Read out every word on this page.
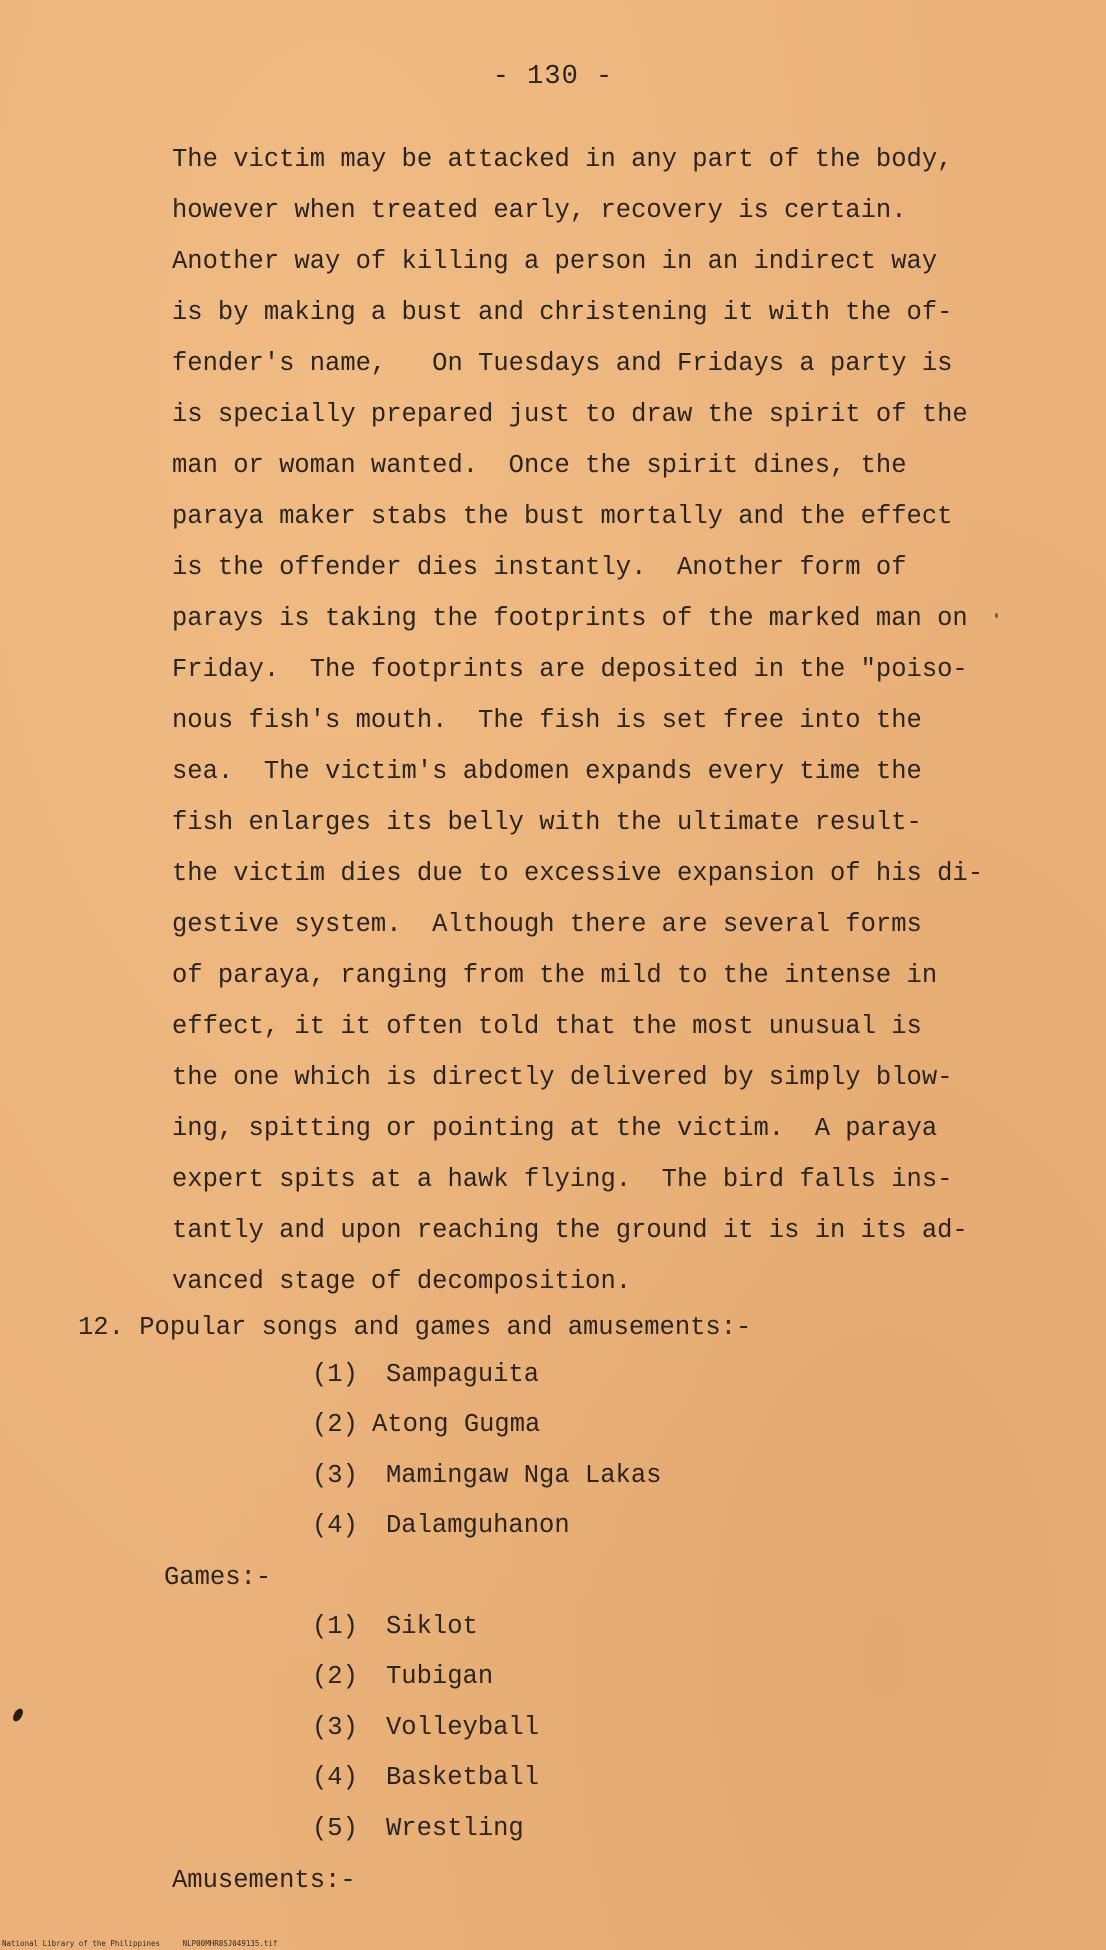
- 130 -
The victim may be attacked in any part of the body,
however when treated early, recovery is certain.
Another way of killing a person in an indirect way
is by making a bust and christening it with the of-
fender's name,   On Tuesdays and Fridays a party is
is specially prepared just to draw the spirit of the
man or woman wanted.  Once the spirit dines, the
paraya maker stabs the bust mortally and the effect
is the offender dies instantly.  Another form of
parays is taking the footprints of the marked man on
Friday.  The footprints are deposited in the "poiso-
nous fish's mouth.  The fish is set free into the
sea.  The victim's abdomen expands every time the
fish enlarges its belly with the ultimate result-
the victim dies due to excessive expansion of his di-
gestive system.  Although there are several forms
of paraya, ranging from the mild to the intense in
effect, it it often told that the most unusual is
the one which is directly delivered by simply blow-
ing, spitting or pointing at the victim.  A paraya
expert spits at a hawk flying.  The bird falls ins-
tantly and upon reaching the ground it is in its ad-
vanced stage of decomposition.
12. Popular songs and games and amusements:-
(1) Sampaguita
(2) Atong Gugma
(3) Mamingaw Nga Lakas
(4) Dalamguhanon
Games:-
(1) Siklot
(2) Tubigan
(3) Volleyball
(4) Basketball
(5) Wrestling
Amusements:-
National Library of the Philippines     NLP00MHR8SJ049135.tif
